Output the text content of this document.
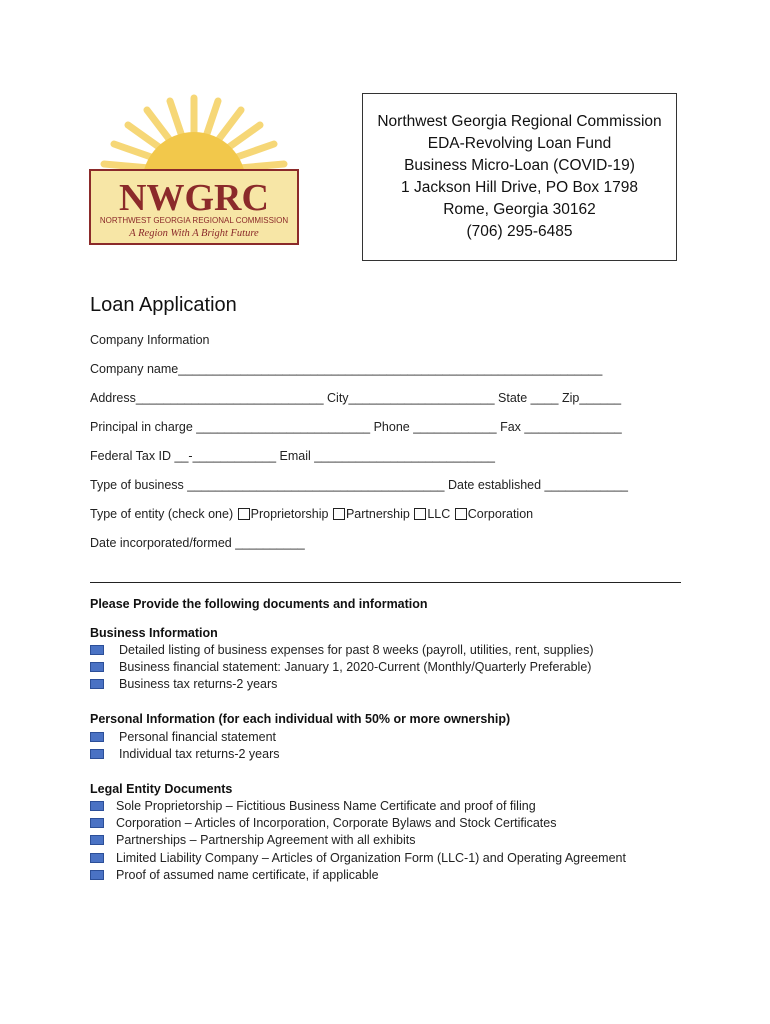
NWGRC
NORTHWEST GEORGIA REGIONAL COMMISSION
A Region With A Bright Future
Northwest Georgia Regional Commission
EDA-Revolving Loan Fund
Business Micro-Loan (COVID-19)
1 Jackson Hill Drive, PO Box 1798
Rome, Georgia 30162
(706) 295-6485
Loan Application
Company Information
Company name_____________________________________________________________
Address___________________________ City_____________________ State ____ Zip______
Principal in charge _________________________ Phone ____________ Fax ______________
Federal Tax ID __-____________ Email __________________________
Type of business _____________________________________ Date established ____________
Type of entity (check one) Proprietorship Partnership LLC Corporation
Date incorporated/formed __________
Please Provide the following documents and information
Business Information
Detailed listing of business expenses for past 8 weeks (payroll, utilities, rent, supplies)
Business financial statement: January 1, 2020-Current (Monthly/Quarterly Preferable)
Business tax returns-2 years
Personal Information (for each individual with 50% or more ownership)
Personal financial statement
Individual tax returns-2 years
Legal Entity Documents
Sole Proprietorship – Fictitious Business Name Certificate and proof of filing
Corporation – Articles of Incorporation, Corporate Bylaws and Stock Certificates
Partnerships – Partnership Agreement with all exhibits
Limited Liability Company – Articles of Organization Form (LLC-1) and Operating Agreement
Proof of assumed name certificate, if applicable
